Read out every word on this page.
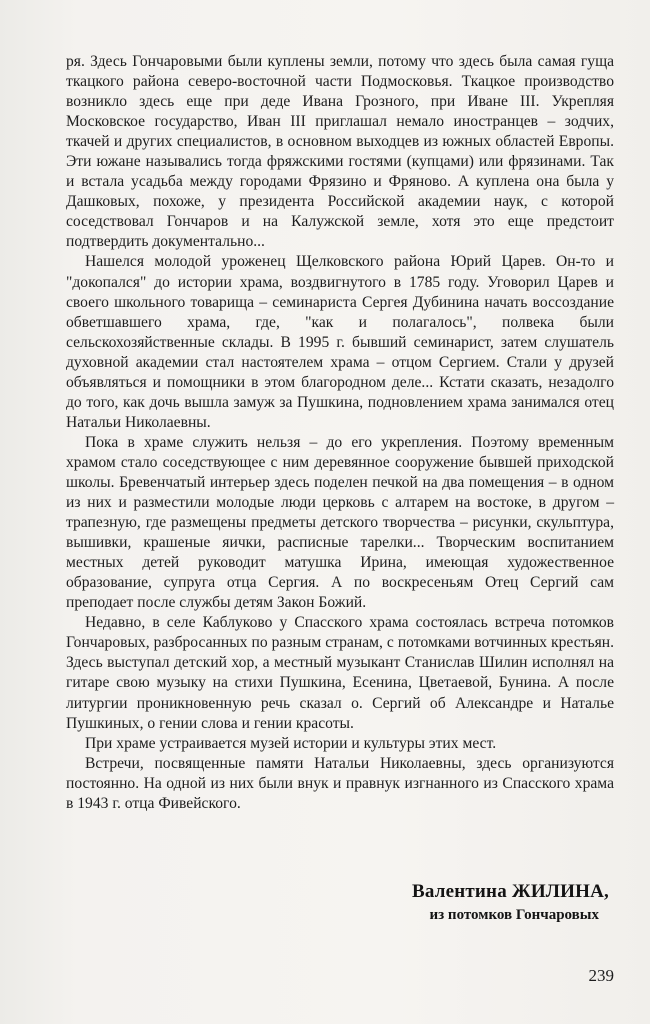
ря. Здесь Гончаровыми были куплены земли, потому что здесь была самая гуща ткацкого района северо-восточной части Подмосковья. Ткацкое производство возникло здесь еще при деде Ивана Грозного, при Иване III. Укрепляя Московское государство, Иван III приглашал немало иностранцев – зодчих, ткачей и других специалистов, в основном выходцев из южных областей Европы. Эти южане назывались тогда фряжскими гостями (купцами) или фрязинами. Так и встала усадьба между городами Фрязино и Фряново. А куплена она была у Дашковых, похоже, у президента Российской академии наук, с которой соседствовал Гончаров и на Калужской земле, хотя это еще предстоит подтвердить документально...

Нашелся молодой уроженец Щелковского района Юрий Царев. Он-то и "докопался" до истории храма, воздвигнутого в 1785 году. Уговорил Царев и своего школьного товарища – семинариста Сергея Дубинина начать воссоздание обветшавшего храма, где, "как и полагалось", полвека были сельскохозяйственные склады. В 1995 г. бывший семинарист, затем слушатель духовной академии стал настоятелем храма – отцом Сергием. Стали у друзей объявляться и помощники в этом благородном деле... Кстати сказать, незадолго до того, как дочь вышла замуж за Пушкина, подновлением храма занимался отец Натальи Николаевны.

Пока в храме служить нельзя – до его укрепления. Поэтому временным храмом стало соседствующее с ним деревянное сооружение бывшей приходской школы. Бревенчатый интерьер здесь поделен печкой на два помещения – в одном из них и разместили молодые люди церковь с алтарем на востоке, в другом – трапезную, где размещены предметы детского творчества – рисунки, скульптура, вышивки, крашеные яички, расписные тарелки... Творческим воспитанием местных детей руководит матушка Ирина, имеющая художественное образование, супруга отца Сергия. А по воскресеньям Отец Сергий сам преподает после службы детям Закон Божий.

Недавно, в селе Каблуково у Спасского храма состоялась встреча потомков Гончаровых, разбросанных по разным странам, с потомками вотчинных крестьян. Здесь выступал детский хор, а местный музыкант Станислав Шилин исполнял на гитаре свою музыку на стихи Пушкина, Есенина, Цветаевой, Бунина. А после литургии проникновенную речь сказал о. Сергий об Александре и Наталье Пушкиных, о гении слова и гении красоты.

При храме устраивается музей истории и культуры этих мест.

Встречи, посвященные памяти Натальи Николаевны, здесь организуются постоянно. На одной из них были внук и правнук изгнанного из Спасского храма в 1943 г. отца Фивейского.

Валентина ЖИЛИНА,
из потомков Гончаровых
239
